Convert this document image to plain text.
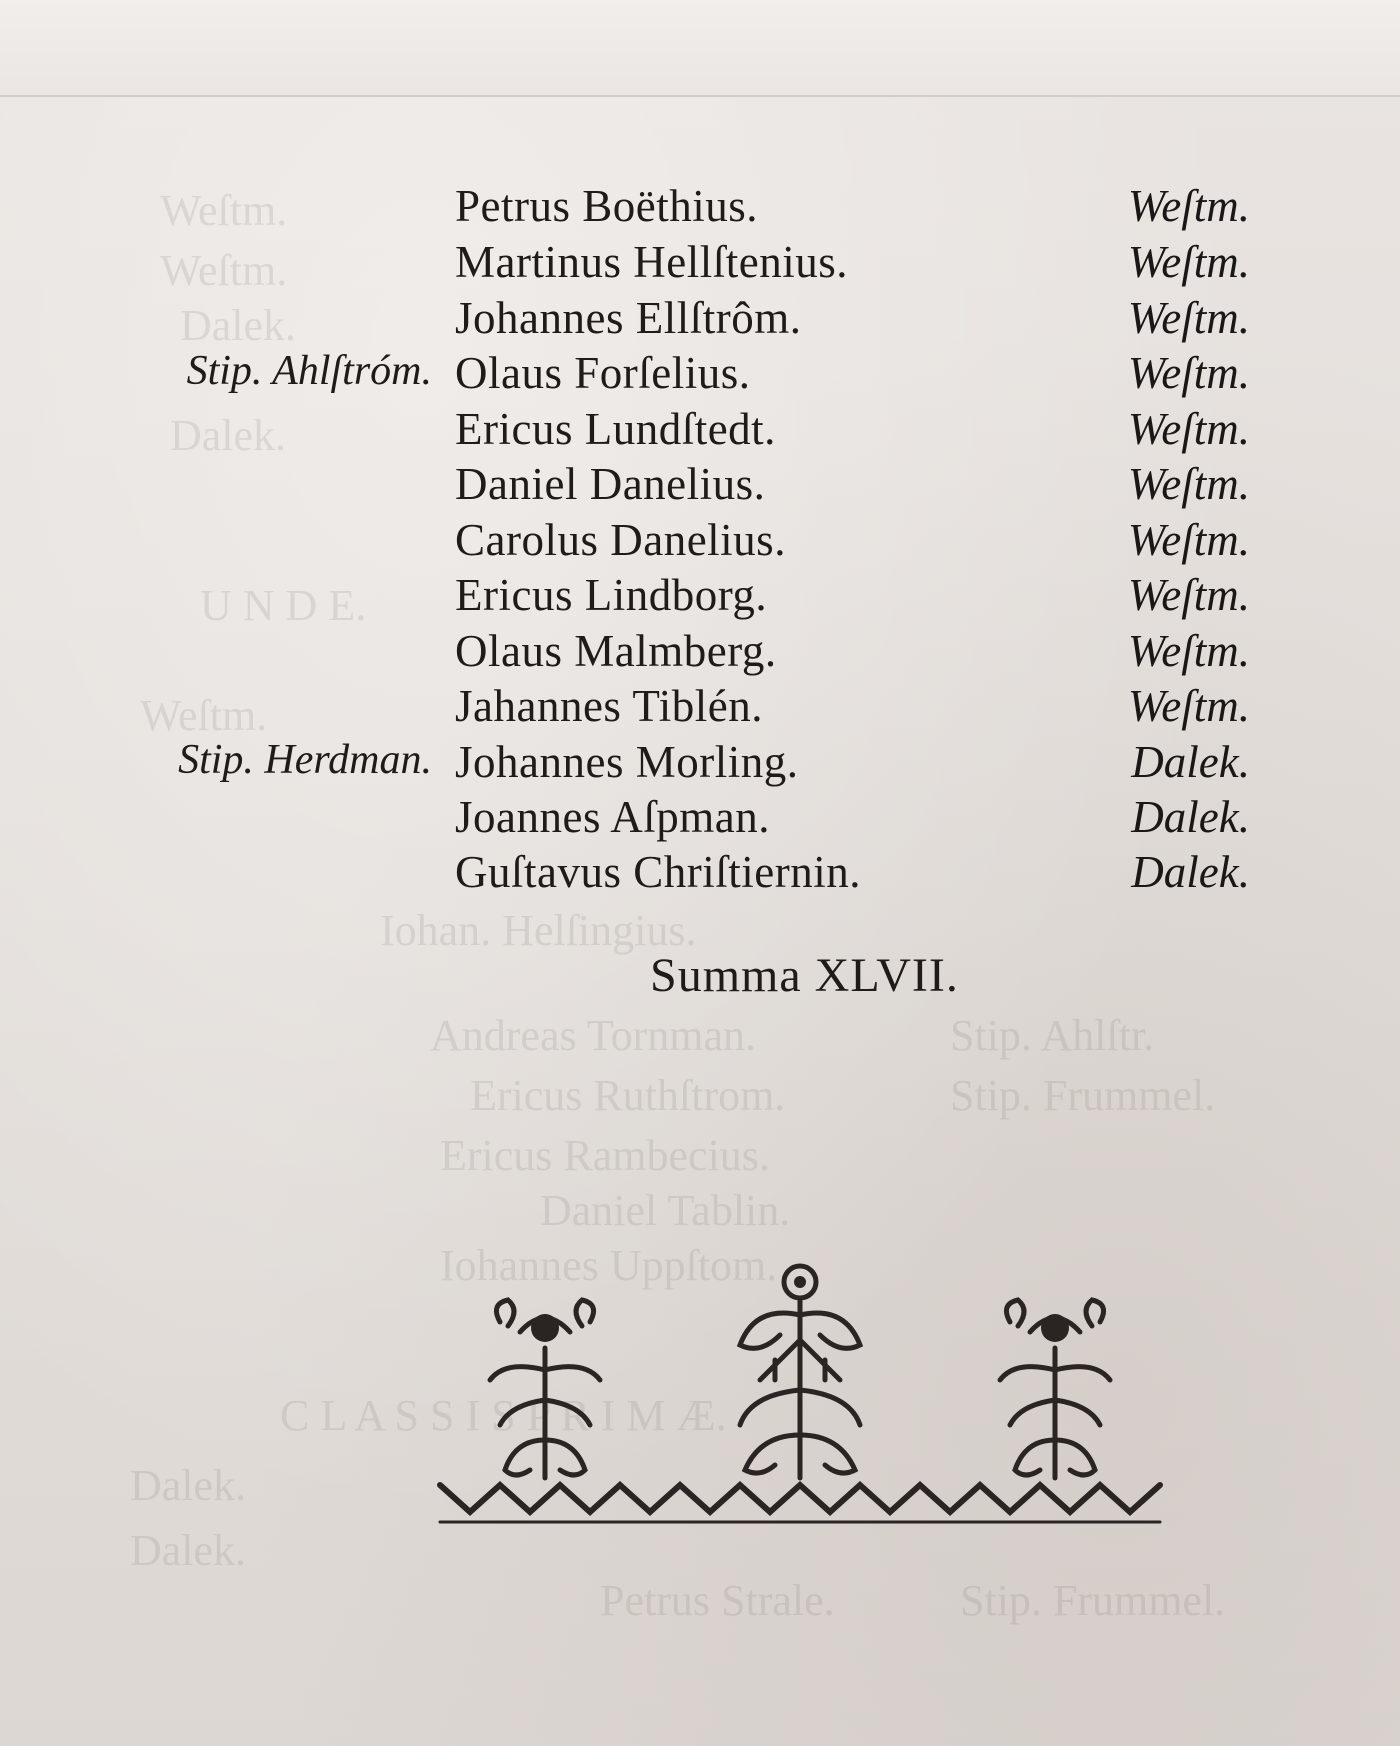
Weſtm.
Weſtm.
Dalek.
Dalek.
U N D E.
Weſtm.
Iohan. Helſingius.
Andreas Tornman.	Stip. Ahlſtr.
Ericus Ruthſtrom.	Stip. Frummel.
Ericus Rambecius.
Daniel Tablin.
Iohannes Uppſtom.
C L A S S I S P R I M Æ.
Dalek.
Dalek.
Petrus Strale.	Stip. Frummel.
Petrus Boëthius.	Weſtm.
Martinus Hellſtenius.	Weſtm.
Johannes Ellſtrôm.	Weſtm.
Stip. Ahlſtróm. Olaus Forſelius.	Weſtm.
Ericus Lundſtedt.	Weſtm.
Daniel Danelius.	Weſtm.
Carolus Danelius.	Weſtm.
Ericus Lindborg.	Weſtm.
Olaus Malmberg.	Weſtm.
Jahannes Tiblén.	Weſtm.
Stip. Herdman. Johannes Morling.	Dalek.
Joannes Aſpman.	Dalek.
Guſtavus Chriſtiernin.	Dalek.
Summa XLVII.
